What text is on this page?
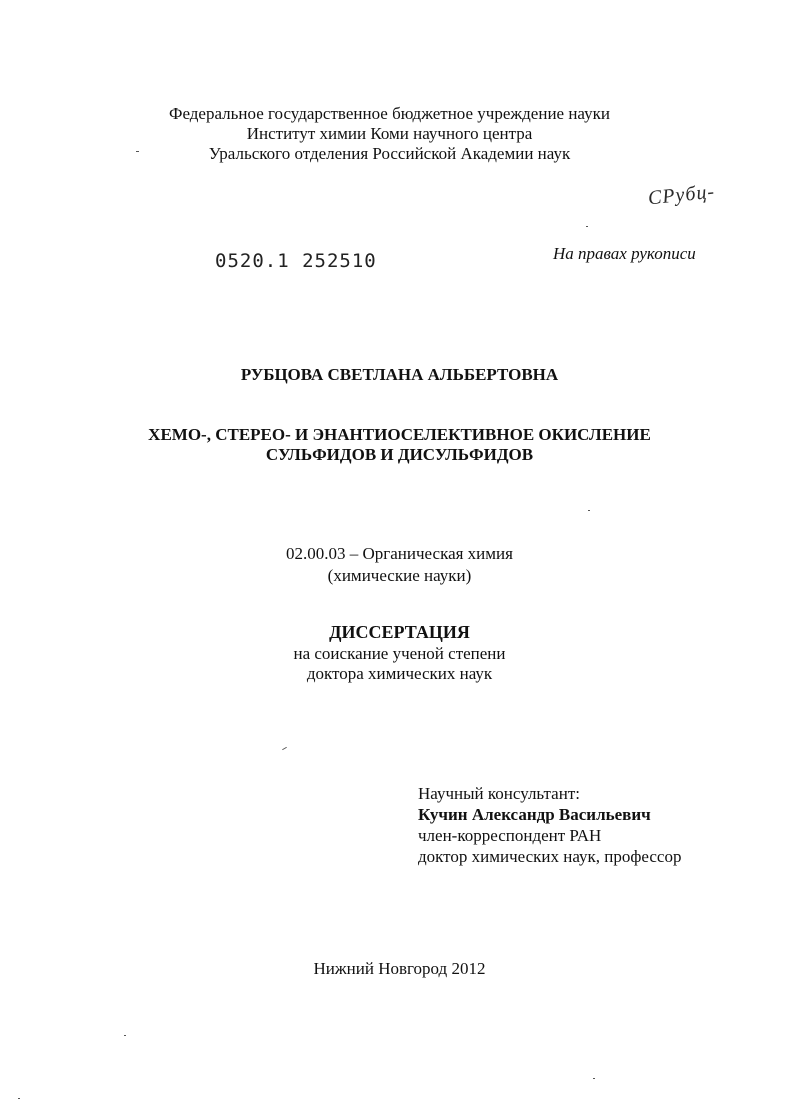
Федеральное государственное бюджетное учреждение науки
Институт химии Коми научного центра
Уральского отделения Российской Академии наук
СРубц-
0520.1 252510	На правах рукописи
РУБЦОВА СВЕТЛАНА АЛЬБЕРТОВНА
ХЕМО-, СТЕРЕО- И ЭНАНТИОСЕЛЕКТИВНОЕ ОКИСЛЕНИЕ
СУЛЬФИДОВ И ДИСУЛЬФИДОВ
02.00.03 – Органическая химия
(химические науки)
ДИССЕРТАЦИЯ
на соискание ученой степени
доктора химических наук
Научный консультант:
Кучин Александр Васильевич
член-корреспондент РАН
доктор химических наук, профессор
Нижний Новгород 2012
